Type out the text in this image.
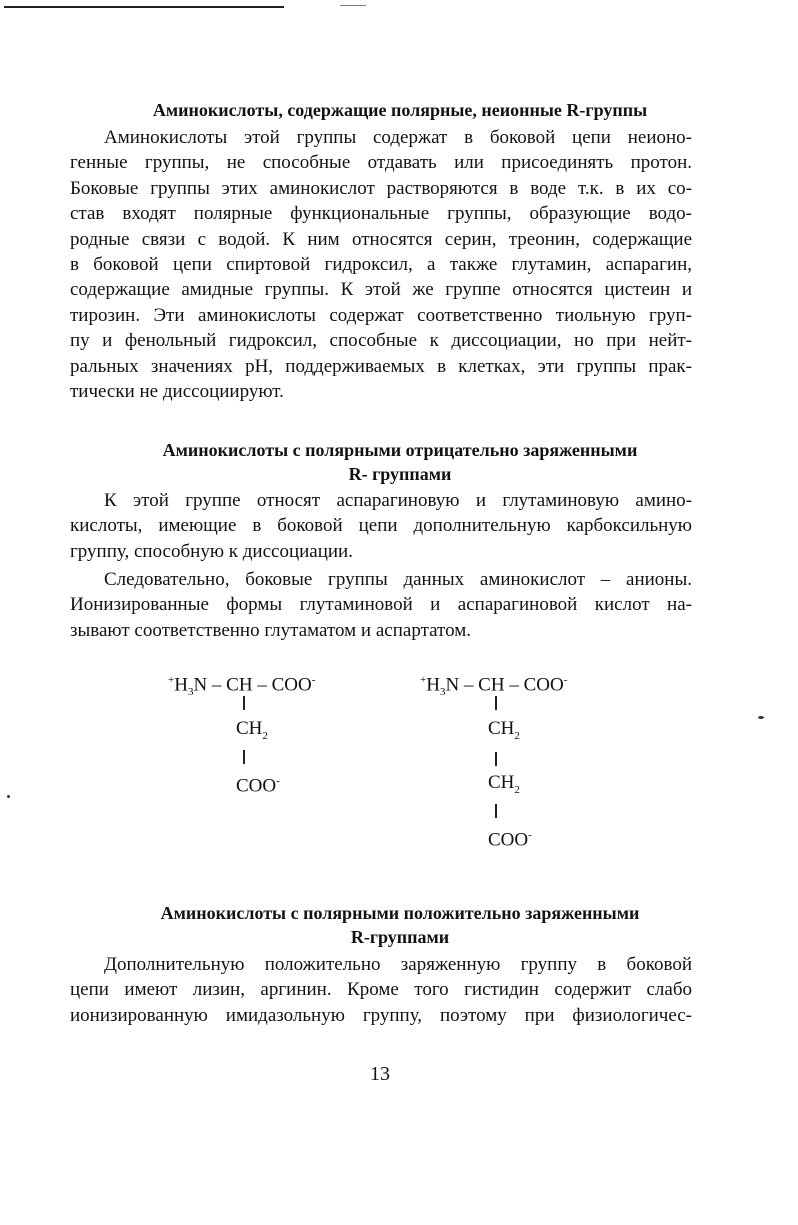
Аминокислоты, содержащие полярные, неионные R-группы
Аминокислоты этой группы содержат в боковой цепи неионо-
генные группы, не способные отдавать или присоединять протон.
Боковые группы этих аминокислот растворяются в воде т.к. в их со-
став входят полярные функциональные группы, образующие водо-
родные связи с водой. К ним относятся серин, треонин, содержащие
в боковой цепи спиртовой гидроксил, а также глутамин, аспарагин,
содержащие амидные группы. К этой же группе относятся цистеин и
тирозин. Эти аминокислоты содержат соответственно тиольную груп-
пу и фенольный гидроксил, способные к диссоциации, но при нейт-
ральных значениях pH, поддерживаемых в клетках, эти группы прак-
тически не диссоциируют.
Аминокислоты с полярными отрицательно заряженными
R- группами
К этой группе относят аспарагиновую и глутаминовую амино-
кислоты, имеющие в боковой цепи дополнительную карбоксильную
группу, способную к диссоциации.
Следовательно, боковые группы данных аминокислот – анионы.
Ионизированные формы глутаминовой и аспарагиновой кислот на-
зывают соответственно глутаматом и аспартатом.
$^+H_3N$ – CH – COO-
$CH_2$
COO-
$^+H_3N$ – CH – COO-
$CH_2$
$CH_2$
COO-
Аминокислоты с полярными положительно заряженными
R-группами
Дополнительную положительно заряженную группу в боковой
цепи имеют лизин, аргинин. Кроме того гистидин содержит слабо
ионизированную имидазольную группу, поэтому при физиологичес-
13
